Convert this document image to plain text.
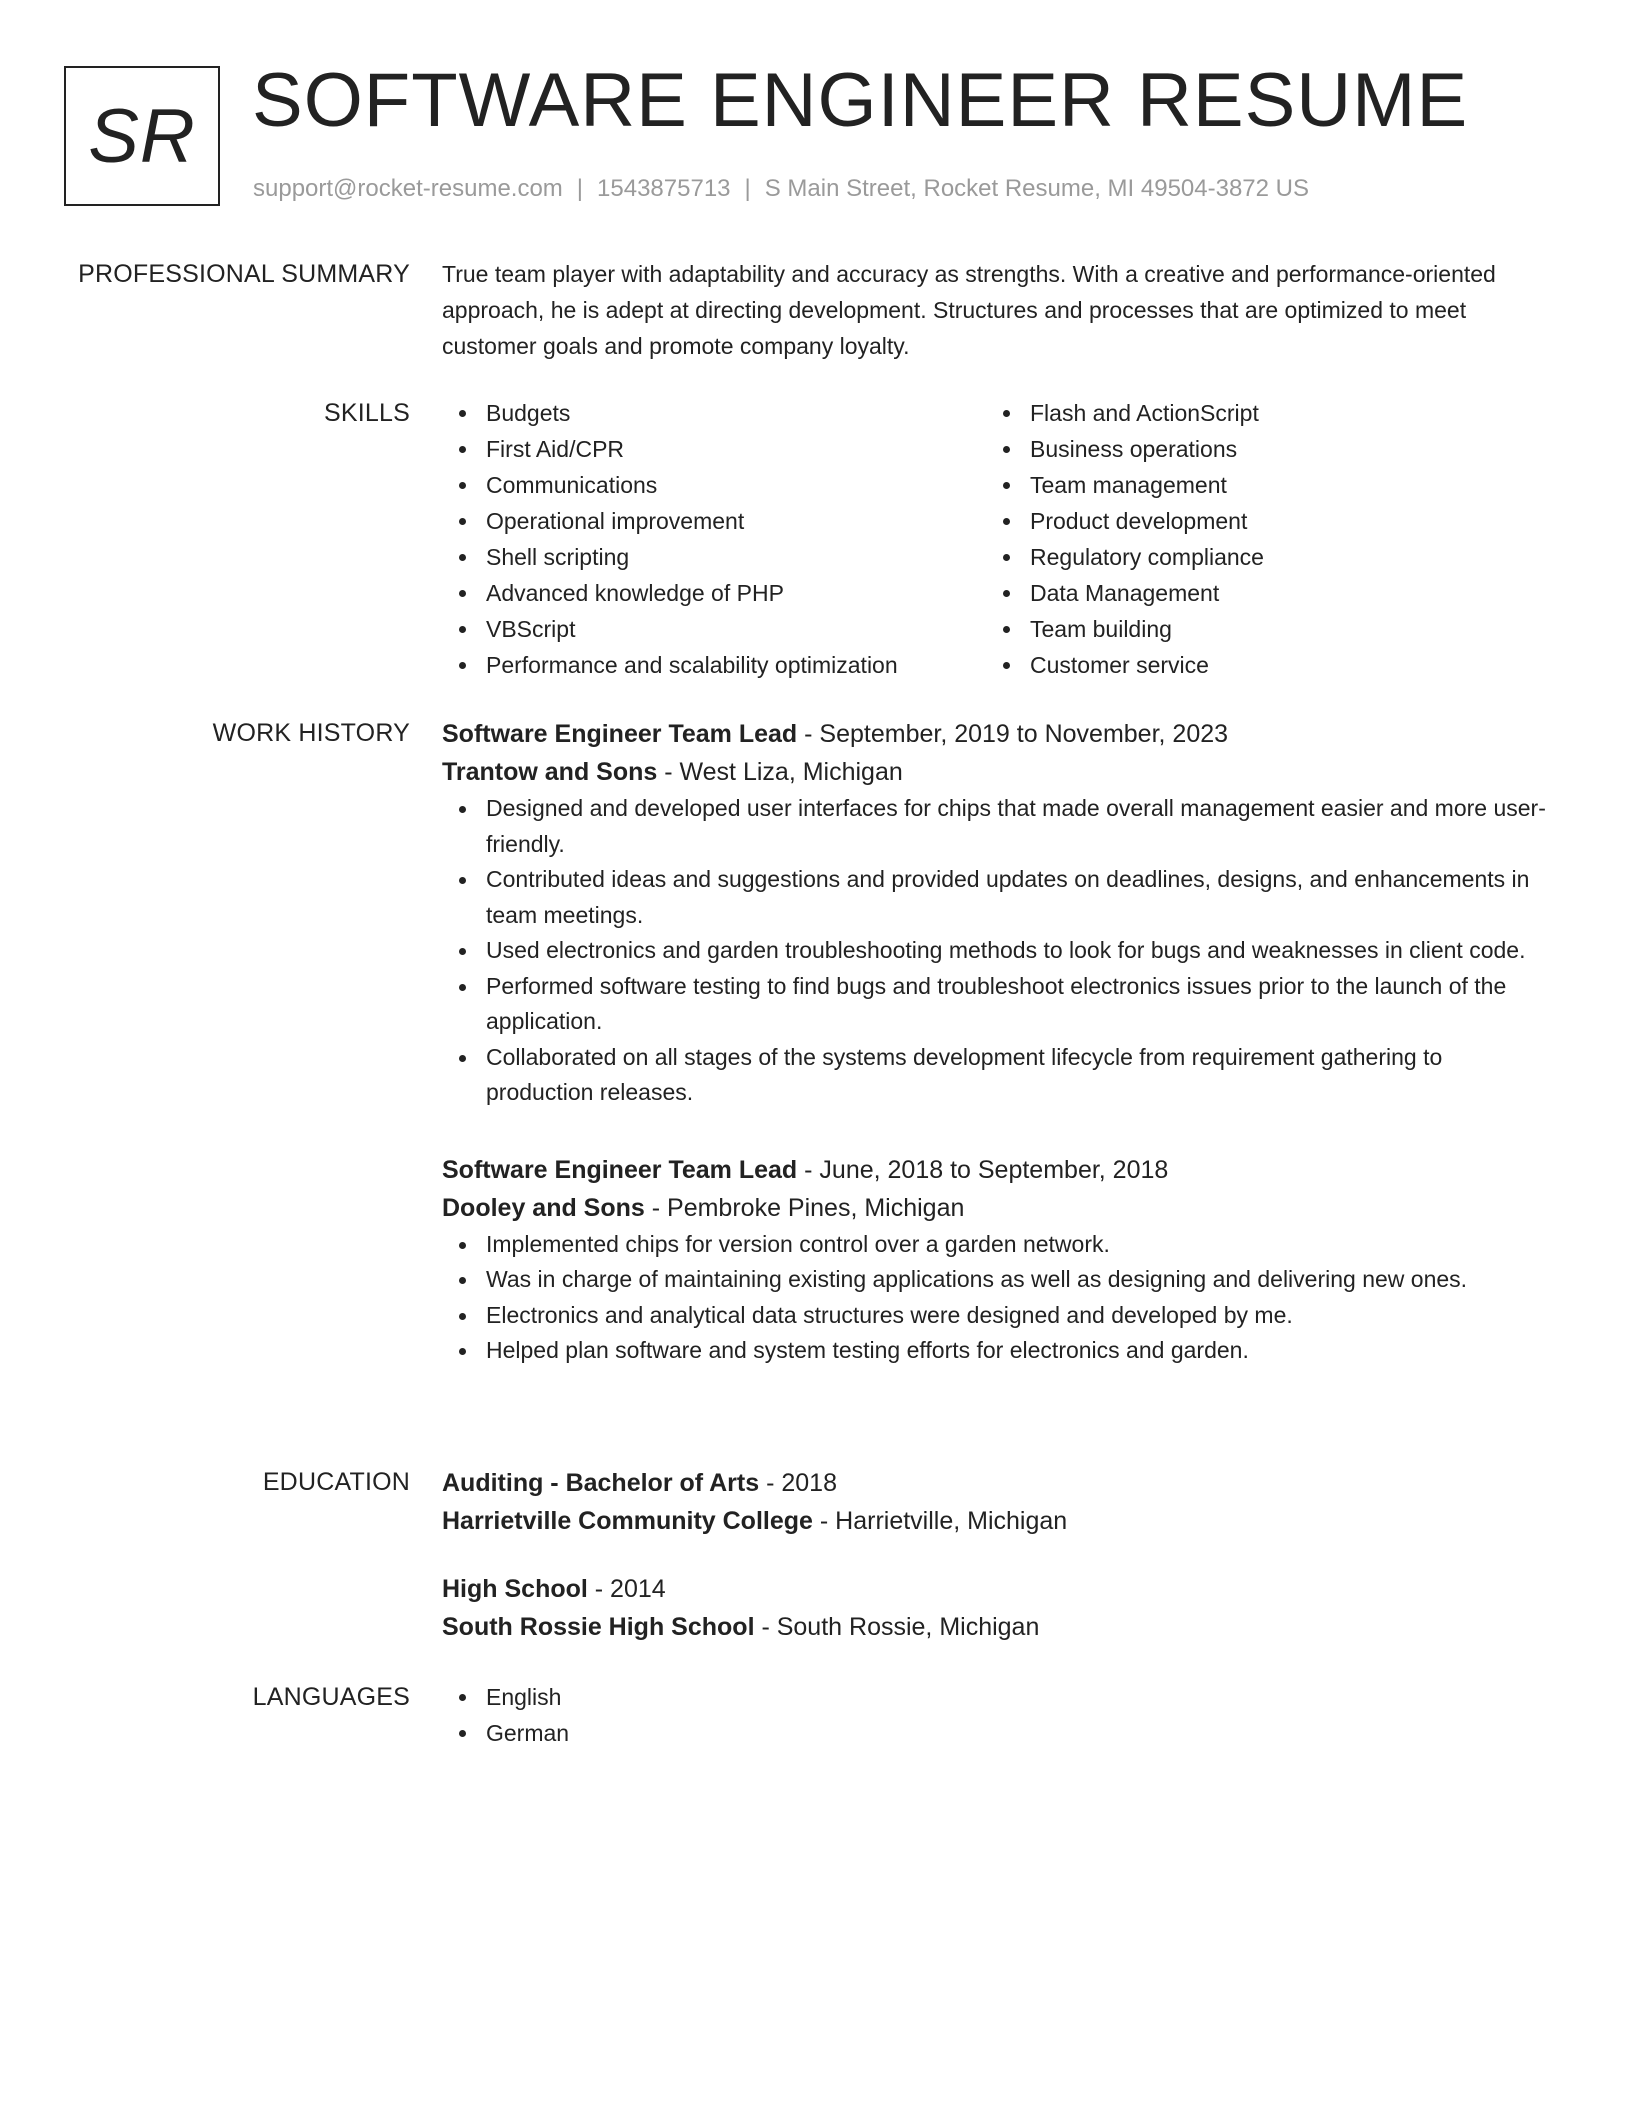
SR SOFTWARE ENGINEER RESUME
support@rocket-resume.com | 1543875713 | S Main Street, Rocket Resume, MI 49504-3872 US
PROFESSIONAL SUMMARY True team player with adaptability and accuracy as strengths. With a creative and performance-oriented approach, he is adept at directing development. Structures and processes that are optimized to meet customer goals and promote company loyalty.

SKILLS	Budgets
First Aid/CPR
Communications
Operational improvement
Shell scripting
Advanced knowledge of PHP
VBScript
Performance and scalability optimization
Flash and ActionScript
Business operations
Team management
Product development
Regulatory compliance
Data Management
Team building
Customer service
WORK HISTORY Software Engineer Team Lead - September, 2019 to November, 2023
Trantow and Sons - West Liza, Michigan
Designed and developed user interfaces for chips that made overall management easier and more user-friendly.
Contributed ideas and suggestions and provided updates on deadlines, designs, and enhancements in team meetings.
Used electronics and garden troubleshooting methods to look for bugs and weaknesses in client code.
Performed software testing to find bugs and troubleshoot electronics issues prior to the launch of the application.
Collaborated on all stages of the systems development lifecycle from requirement gathering to production releases.
Software Engineer Team Lead - June, 2018 to September, 2018
Dooley and Sons - Pembroke Pines, Michigan
Implemented chips for version control over a garden network.
Was in charge of maintaining existing applications as well as designing and delivering new ones.
Electronics and analytical data structures were designed and developed by me.
Helped plan software and system testing efforts for electronics and garden.
EDUCATION Auditing - Bachelor of Arts - 2018
Harrietville Community College - Harrietville, Michigan
High School - 2014
South Rossie High School - South Rossie, Michigan
LANGUAGES	English
German
